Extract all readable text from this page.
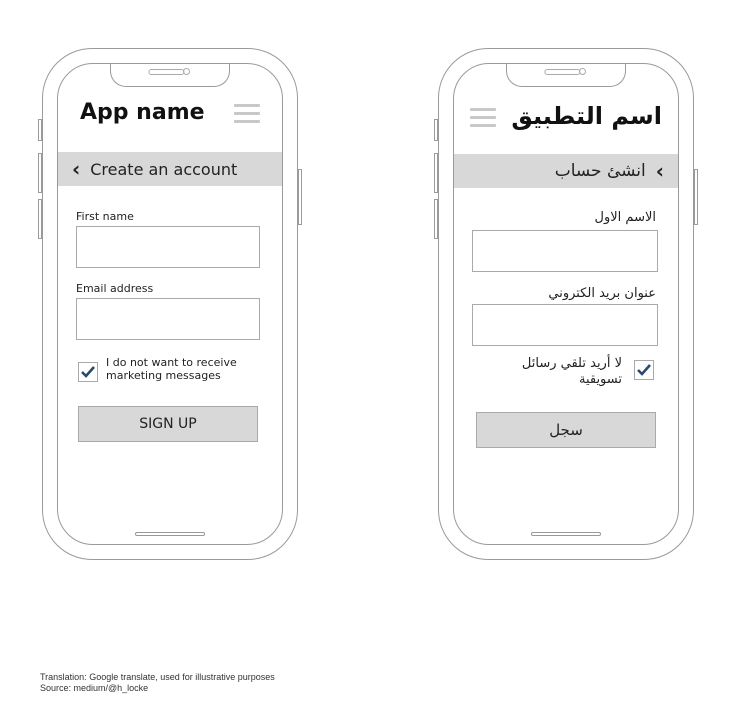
App name
‹ Create an account
First name
Email address
I do not want to receive
marketing messages
SIGN UP
اسم التطبيق
›
انشئ حساب
الاسم الاول
عنوان بريد الكتروني
لا أريد تلقي رسائل
تسويقية
سجل
Translation: Google translate, used for illustrative purposes
Source: medium/@h_locke
